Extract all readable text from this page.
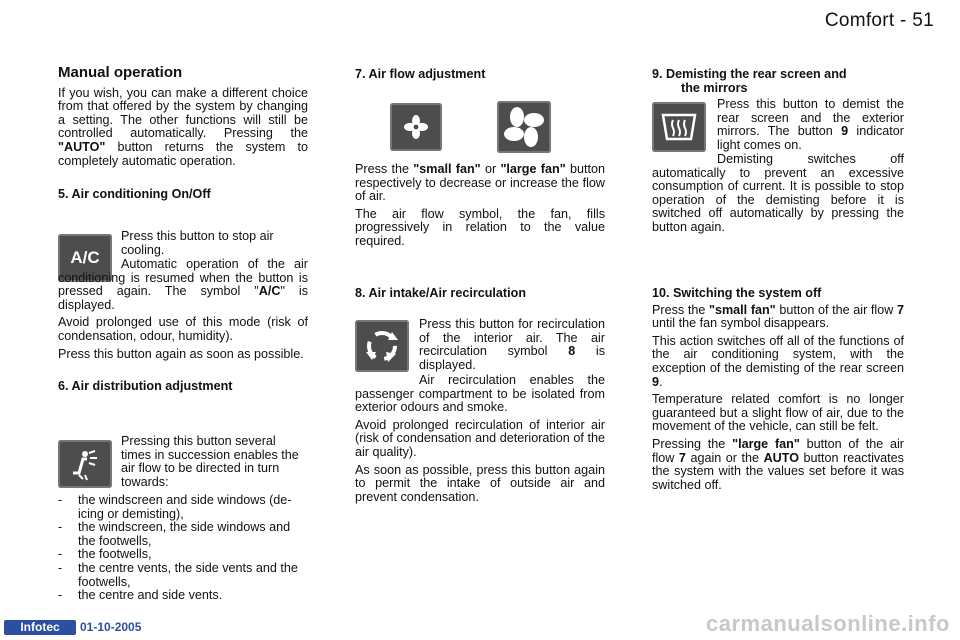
Comfort - 51

Manual operation

If you wish, you can make a different choice from that offered by the system by changing a setting. The other functions will still be controlled automatically. Pressing the "AUTO" button returns the system to completely automatic operation.

5. Air conditioning On/Off

A/C

Press this button to stop air cooling.

Automatic operation of the air conditioning is resumed when the button is pressed again. The symbol "A/C" is displayed.

Avoid prolonged use of this mode (risk of condensation, odour, humidity).

Press this button again as soon as possible.

6. Air distribution adjustment

Pressing this button several times in succession enables the air flow to be directed in turn towards:

- the windscreen and side windows (de-icing or demisting),
- the windscreen, the side windows and the footwells,
- the footwells,
- the centre vents, the side vents and the footwells,
- the centre and side vents.

7. Air flow adjustment

Press the "small fan" or "large fan" button respectively to decrease or increase the flow of air.

The air flow symbol, the fan, fills progressively in relation to the value required.

8. Air intake/Air recirculation

Press this button for recirculation of the interior air. The air recirculation symbol 8 is displayed.

Air recirculation enables the passenger compartment to be isolated from exterior odours and smoke.

Avoid prolonged recirculation of interior air (risk of condensation and deterioration of the air quality).

As soon as possible, press this button again to permit the intake of outside air and prevent condensation.

9. Demisting the rear screen and

the mirrors

Press this button to demist the rear screen and the exterior mirrors. The button 9 indicator light comes on.

Demisting switches off automatically to prevent an excessive consumption of current. It is possible to stop operation of the demisting before it is switched off automatically by pressing the button again.

10. Switching the system off

Press the "small fan" button of the air flow 7 until the fan symbol disappears.

This action switches off all of the functions of the air conditioning system, with the exception of the demisting of the rear screen 9.

Temperature related comfort is no longer guaranteed but a slight flow of air, due to the movement of the vehicle, can still be felt.

Pressing the "large fan" button of the air flow 7 again or the AUTO button reactivates the system with the values set before it was switched off.

Infotec	01-10-2005	carmanualsonline.info
